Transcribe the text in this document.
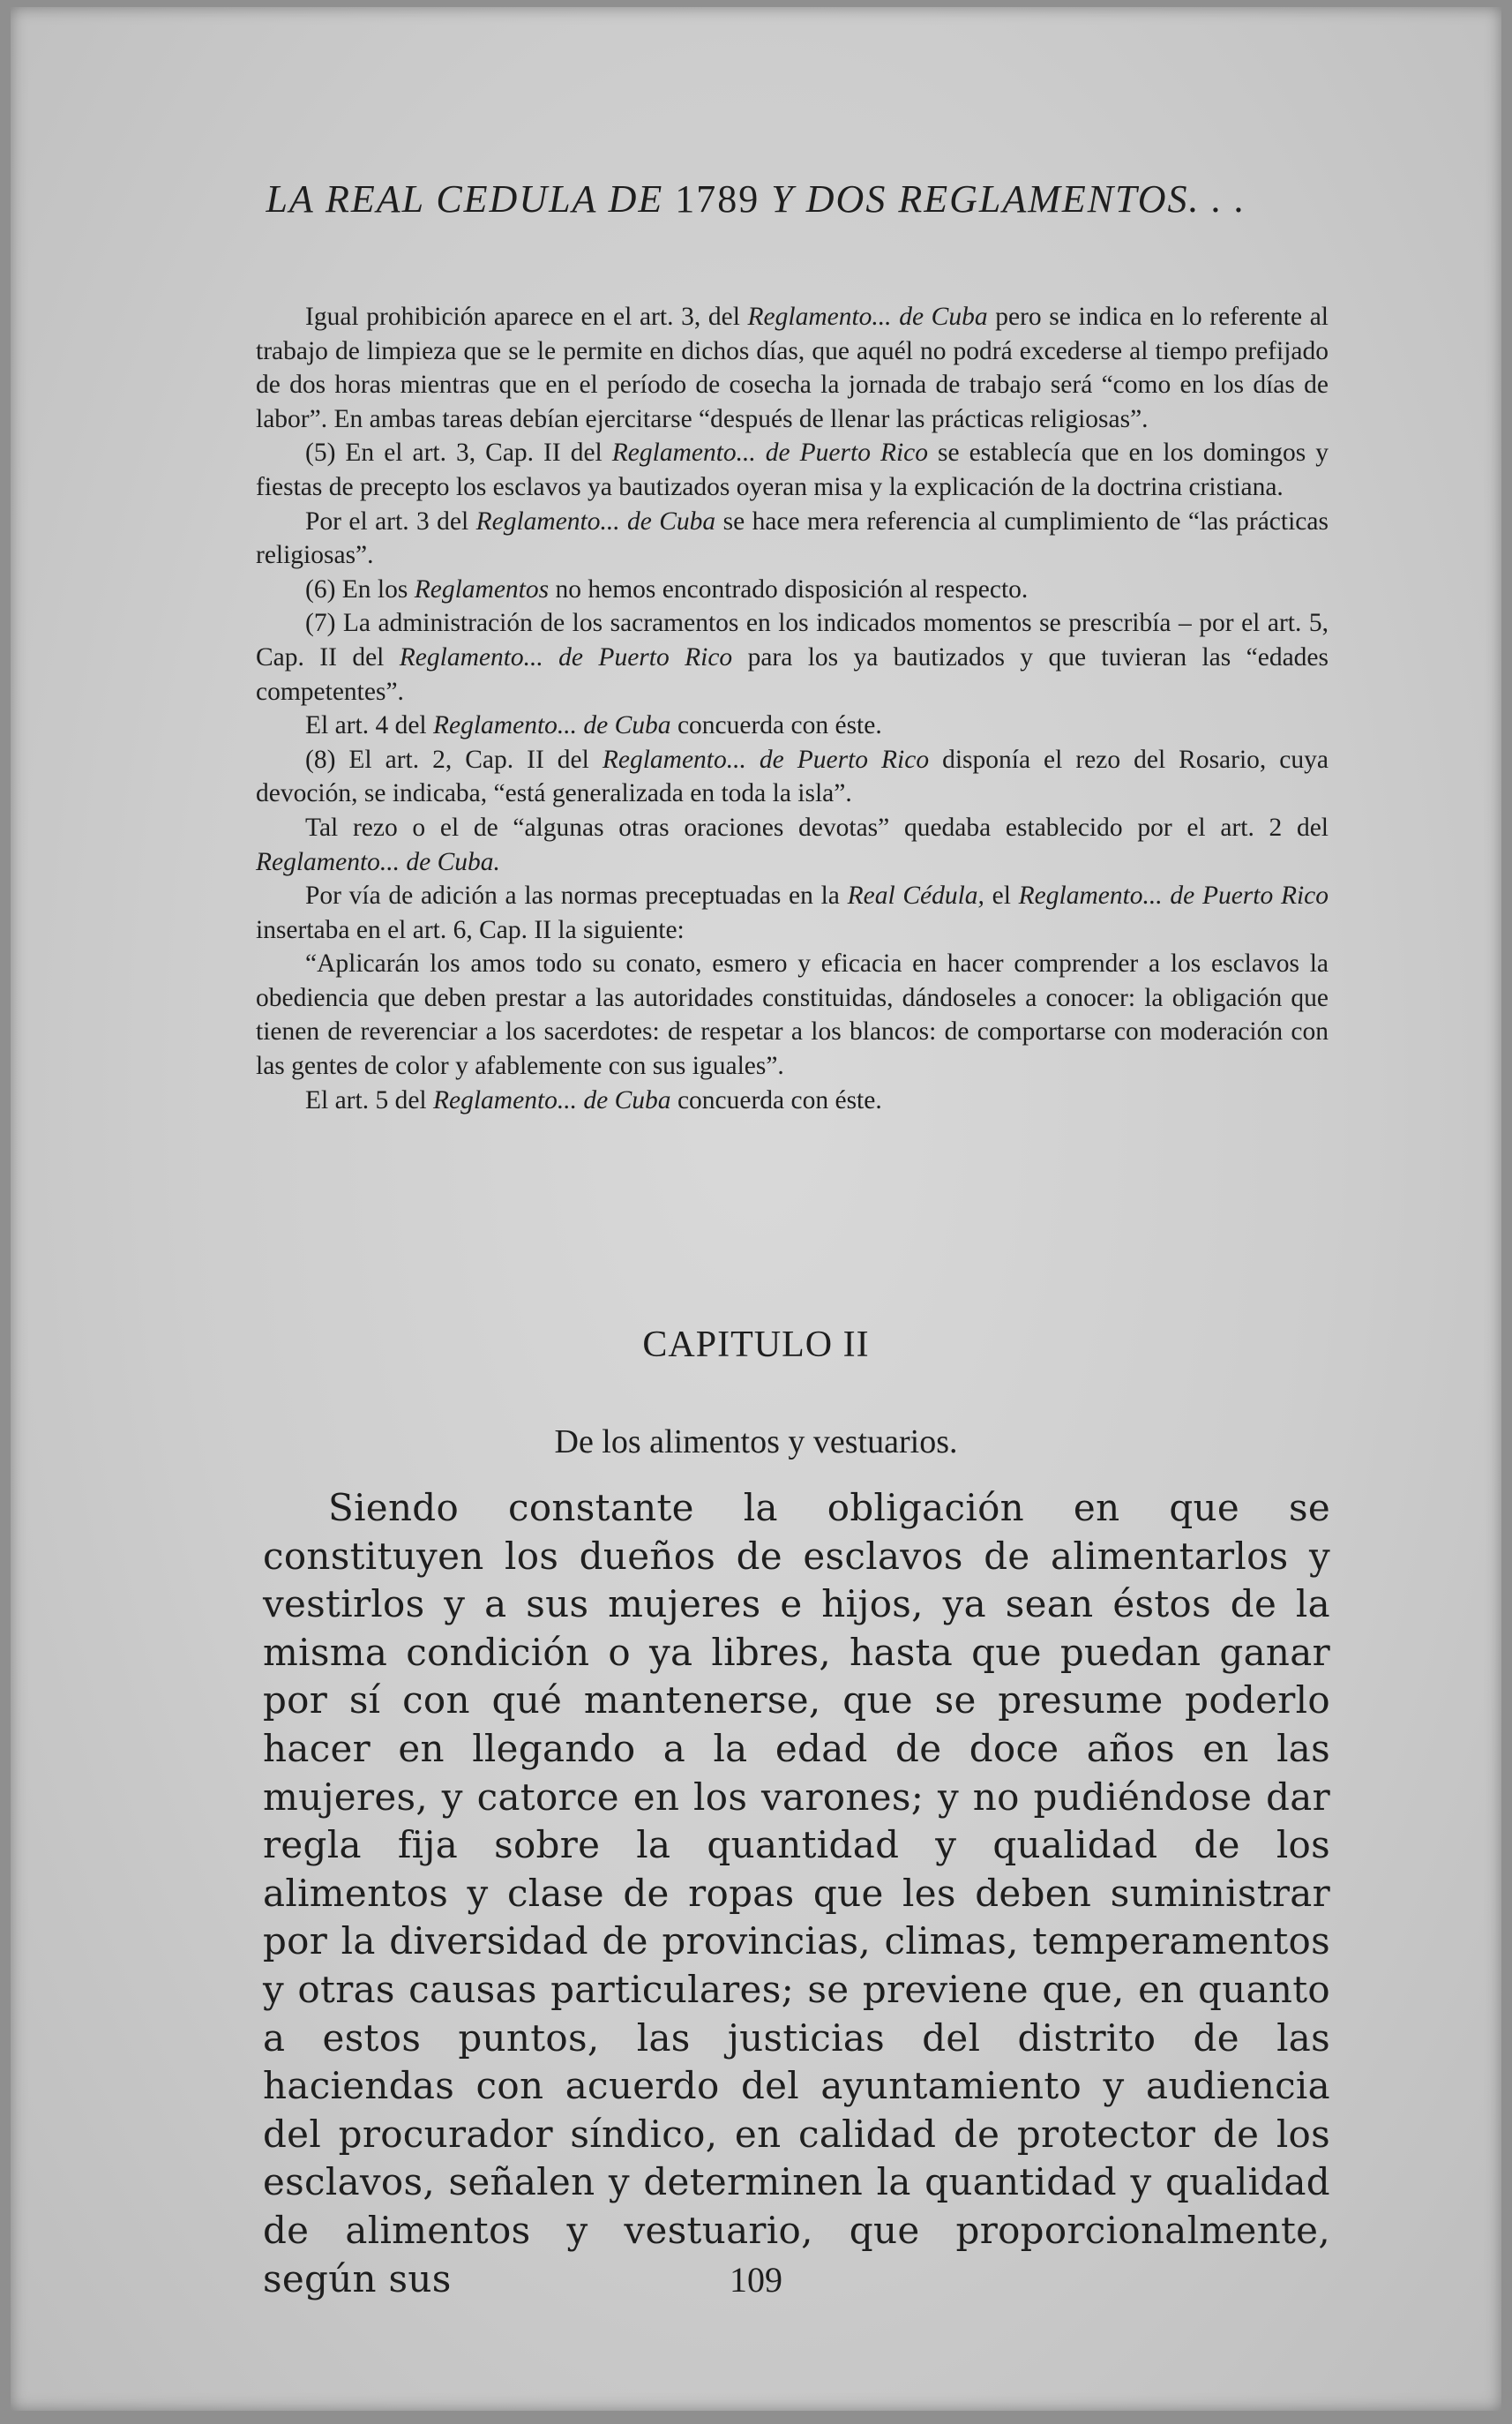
LA REAL CEDULA DE 1789 Y DOS REGLAMENTOS. . .

Igual prohibición aparece en el art. 3, del Reglamento... de Cuba pero se indica en lo referente al trabajo de limpieza que se le permite en dichos días, que aquél no podrá excederse al tiempo prefijado de dos horas mientras que en el período de cosecha la jornada de trabajo será “como en los días de labor”. En ambas tareas debían ejercitarse “después de llenar las prácticas religiosas”.

(5) En el art. 3, Cap. II del Reglamento... de Puerto Rico se establecía que en los domingos y fiestas de precepto los esclavos ya bautizados oyeran misa y la explicación de la doctrina cristiana.

Por el art. 3 del Reglamento... de Cuba se hace mera referencia al cumplimiento de “las prácticas religiosas”.

(6) En los Reglamentos no hemos encontrado disposición al respecto.

(7) La administración de los sacramentos en los indicados momentos se prescribía – por el art. 5, Cap. II del Reglamento... de Puerto Rico para los ya bautizados y que tuvieran las “edades competentes”.

El art. 4 del Reglamento... de Cuba concuerda con éste.

(8) El art. 2, Cap. II del Reglamento... de Puerto Rico disponía el rezo del Rosario, cuya devoción, se indicaba, “está generalizada en toda la isla”.

Tal rezo o el de “algunas otras oraciones devotas” quedaba establecido por el art. 2 del Reglamento... de Cuba.

Por vía de adición a las normas preceptuadas en la Real Cédula, el Reglamento... de Puerto Rico insertaba en el art. 6, Cap. II la siguiente:

“Aplicarán los amos todo su conato, esmero y eficacia en hacer comprender a los esclavos la obediencia que deben prestar a las autoridades constituidas, dándoseles a conocer: la obligación que tienen de reverenciar a los sacerdotes: de respetar a los blancos: de comportarse con moderación con las gentes de color y afablemente con sus iguales”.

El art. 5 del Reglamento... de Cuba concuerda con éste.

CAPITULO II
De los alimentos y vestuarios.

Siendo constante la obligación en que se constituyen los dueños de esclavos de alimentarlos y vestirlos y a sus mujeres e hijos, ya sean éstos de la misma condición o ya libres, hasta que puedan ganar por sí con qué mantenerse, que se presume poderlo hacer en llegando a la edad de doce años en las mujeres, y catorce en los varones; y no pudiéndose dar regla fija sobre la quantidad y qualidad de los alimentos y clase de ropas que les deben suministrar por la diversidad de provincias, climas, temperamentos y otras causas particulares; se previene que, en quanto a estos puntos, las justicias del distrito de las haciendas con acuerdo del ayuntamiento y audiencia del procurador síndico, en calidad de protector de los esclavos, señalen y determinen la quantidad y qualidad de alimentos y vestuario, que proporcionalmente, según sus	109
